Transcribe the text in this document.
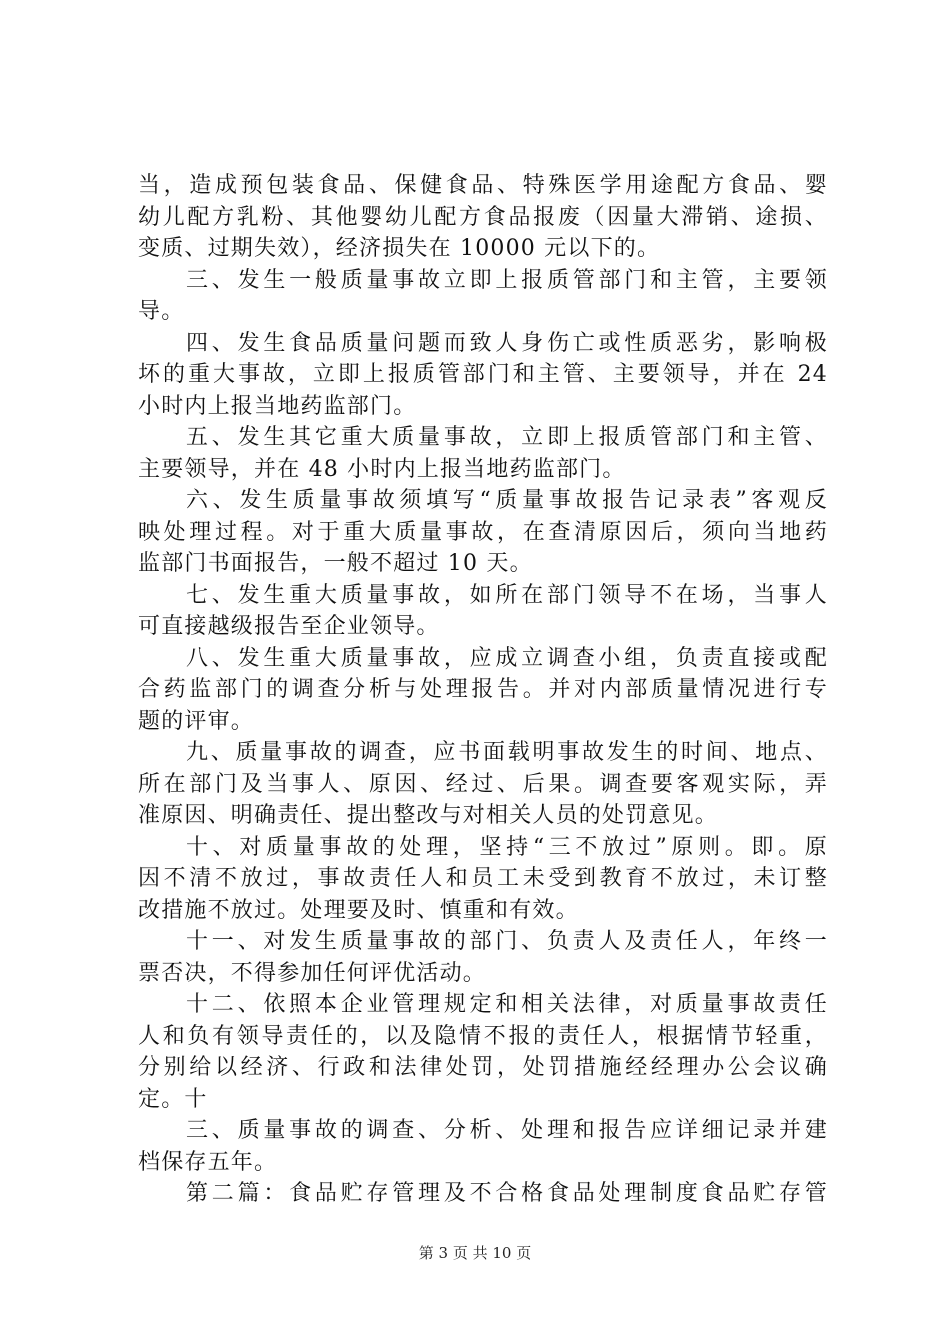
当，造成预包装食品、保健食品、特殊医学用途配方食品、婴
幼儿配方乳粉、其他婴幼儿配方食品报废（因量大滞销、途损、
变质、过期失效），经济损失在 10000 元以下的。
三、发生一般质量事故立即上报质管部门和主管，主要领
导。
四、发生食品质量问题而致人身伤亡或性质恶劣，影响极
坏的重大事故，立即上报质管部门和主管、主要领导，并在 24
小时内上报当地药监部门。
五、发生其它重大质量事故，立即上报质管部门和主管、
主要领导，并在 48 小时内上报当地药监部门。
六、发生质量事故须填写“质量事故报告记录表”客观反
映处理过程。对于重大质量事故，在查清原因后，须向当地药
监部门书面报告，一般不超过 10 天。
七、发生重大质量事故，如所在部门领导不在场，当事人
可直接越级报告至企业领导。
八、发生重大质量事故，应成立调查小组，负责直接或配
合药监部门的调查分析与处理报告。并对内部质量情况进行专
题的评审。
九、质量事故的调查，应书面载明事故发生的时间、地点、
所在部门及当事人、原因、经过、后果。调查要客观实际，弄
准原因、明确责任、提出整改与对相关人员的处罚意见。
十、对质量事故的处理，坚持“三不放过”原则。即。原
因不清不放过，事故责任人和员工未受到教育不放过，未订整
改措施不放过。处理要及时、慎重和有效。
十一、对发生质量事故的部门、负责人及责任人，年终一
票否决，不得参加任何评优活动。
十二、依照本企业管理规定和相关法律，对质量事故责任
人和负有领导责任的，以及隐情不报的责任人，根据情节轻重，
分别给以经济、行政和法律处罚，处罚措施经经理办公会议确
定。十
三、质量事故的调查、分析、处理和报告应详细记录并建
档保存五年。
第二篇：食品贮存管理及不合格食品处理制度食品贮存管
第 3 页 共 10 页
